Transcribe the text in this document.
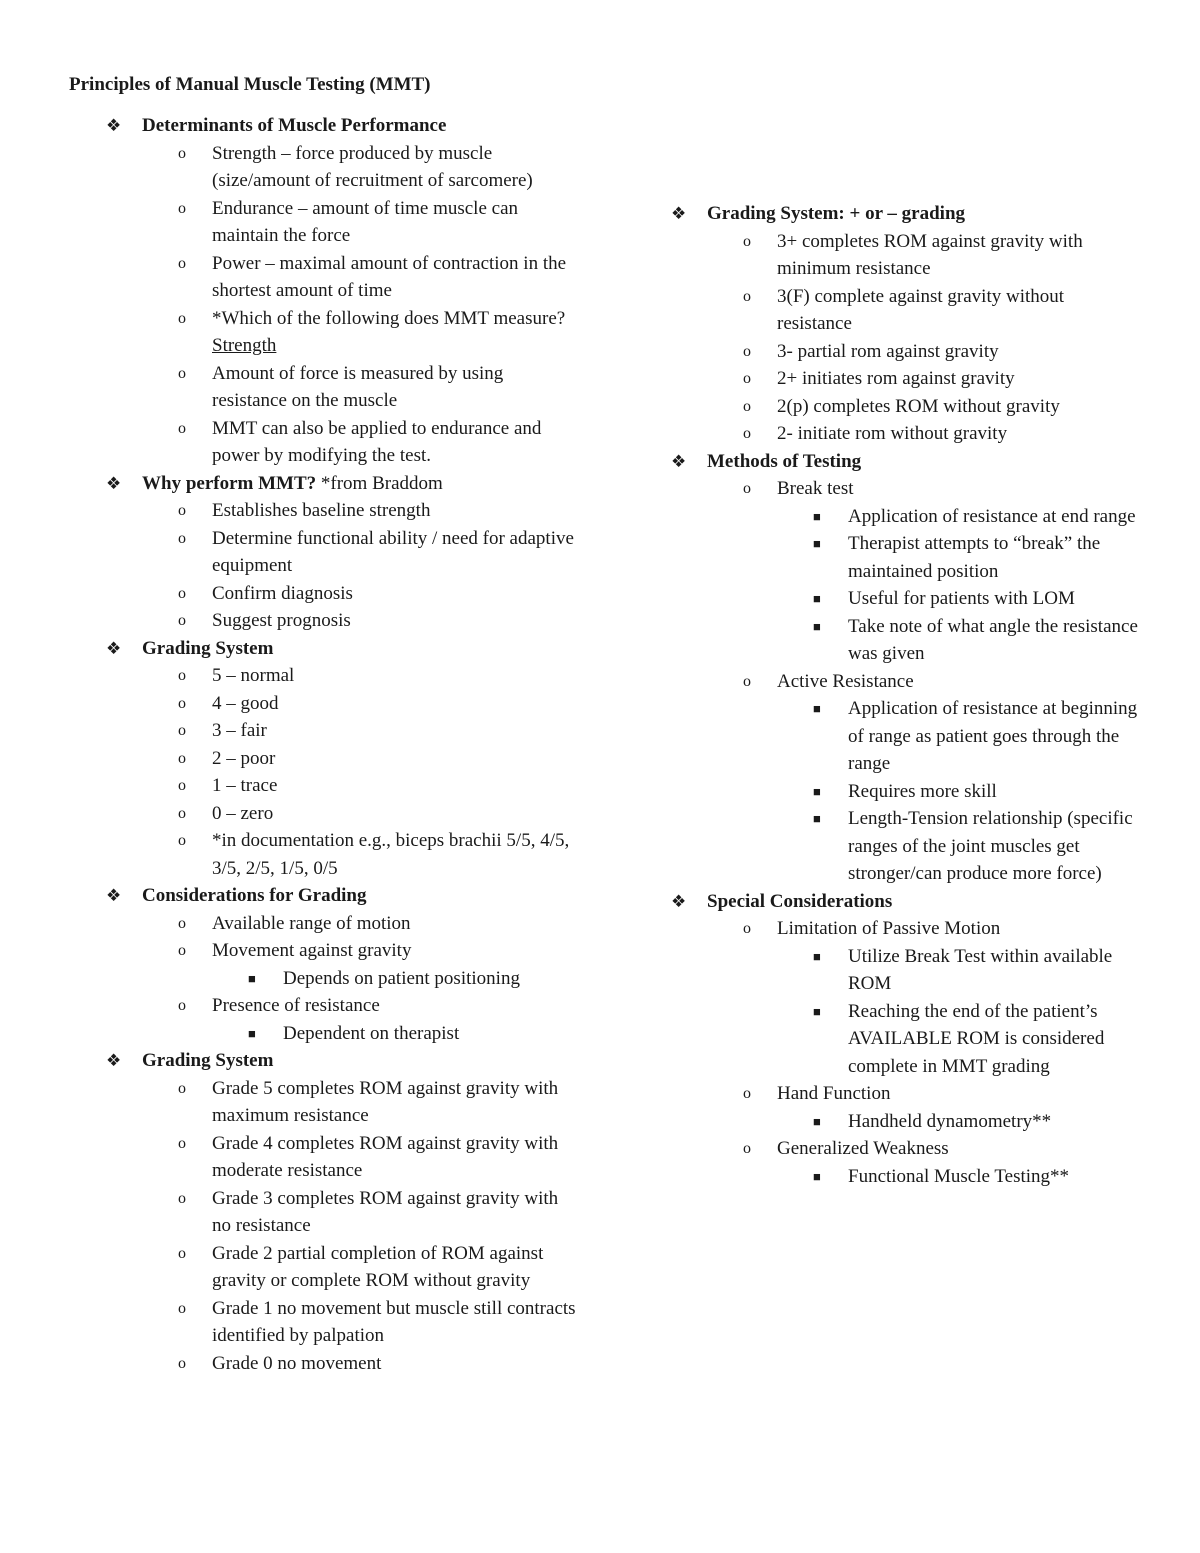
Principles of Manual Muscle Testing (MMT)
❖ Determinants of Muscle Performance
o Strength – force produced by muscle (size/amount of recruitment of sarcomere)
o Endurance – amount of time muscle can maintain the force
o Power – maximal amount of contraction in the shortest amount of time
o *Which of the following does MMT measure? Strength
o Amount of force is measured by using resistance on the muscle
o MMT can also be applied to endurance and power by modifying the test.
❖ Why perform MMT? *from Braddom
o Establishes baseline strength
o Determine functional ability / need for adaptive equipment
o Confirm diagnosis
o Suggest prognosis
❖ Grading System
o 5 – normal
o 4 – good
o 3 – fair
o 2 – poor
o 1 – trace
o 0 – zero
o *in documentation e.g., biceps brachii 5/5, 4/5, 3/5, 2/5, 1/5, 0/5
❖ Considerations for Grading
o Available range of motion
o Movement against gravity
■ Depends on patient positioning
o Presence of resistance
■ Dependent on therapist
❖ Grading System
o Grade 5 completes ROM against gravity with maximum resistance
o Grade 4 completes ROM against gravity with moderate resistance
o Grade 3 completes ROM against gravity with no resistance
o Grade 2 partial completion of ROM against gravity or complete ROM without gravity
o Grade 1 no movement but muscle still contracts identified by palpation
o Grade 0 no movement
❖ Grading System: + or – grading
o 3+ completes ROM against gravity with minimum resistance
o 3(F) complete against gravity without resistance
o 3- partial rom against gravity
o 2+ initiates rom against gravity
o 2(p) completes ROM without gravity
o 2- initiate rom without gravity
❖ Methods of Testing
o Break test
■ Application of resistance at end range
■ Therapist attempts to “break” the maintained position
■ Useful for patients with LOM
■ Take note of what angle the resistance was given
o Active Resistance
■ Application of resistance at beginning of range as patient goes through the range
■ Requires more skill
■ Length-Tension relationship (specific ranges of the joint muscles get stronger/can produce more force)
❖ Special Considerations
o Limitation of Passive Motion
■ Utilize Break Test within available ROM
■ Reaching the end of the patient’s AVAILABLE ROM is considered complete in MMT grading
o Hand Function
■ Handheld dynamometry**
o Generalized Weakness
■ Functional Muscle Testing**
